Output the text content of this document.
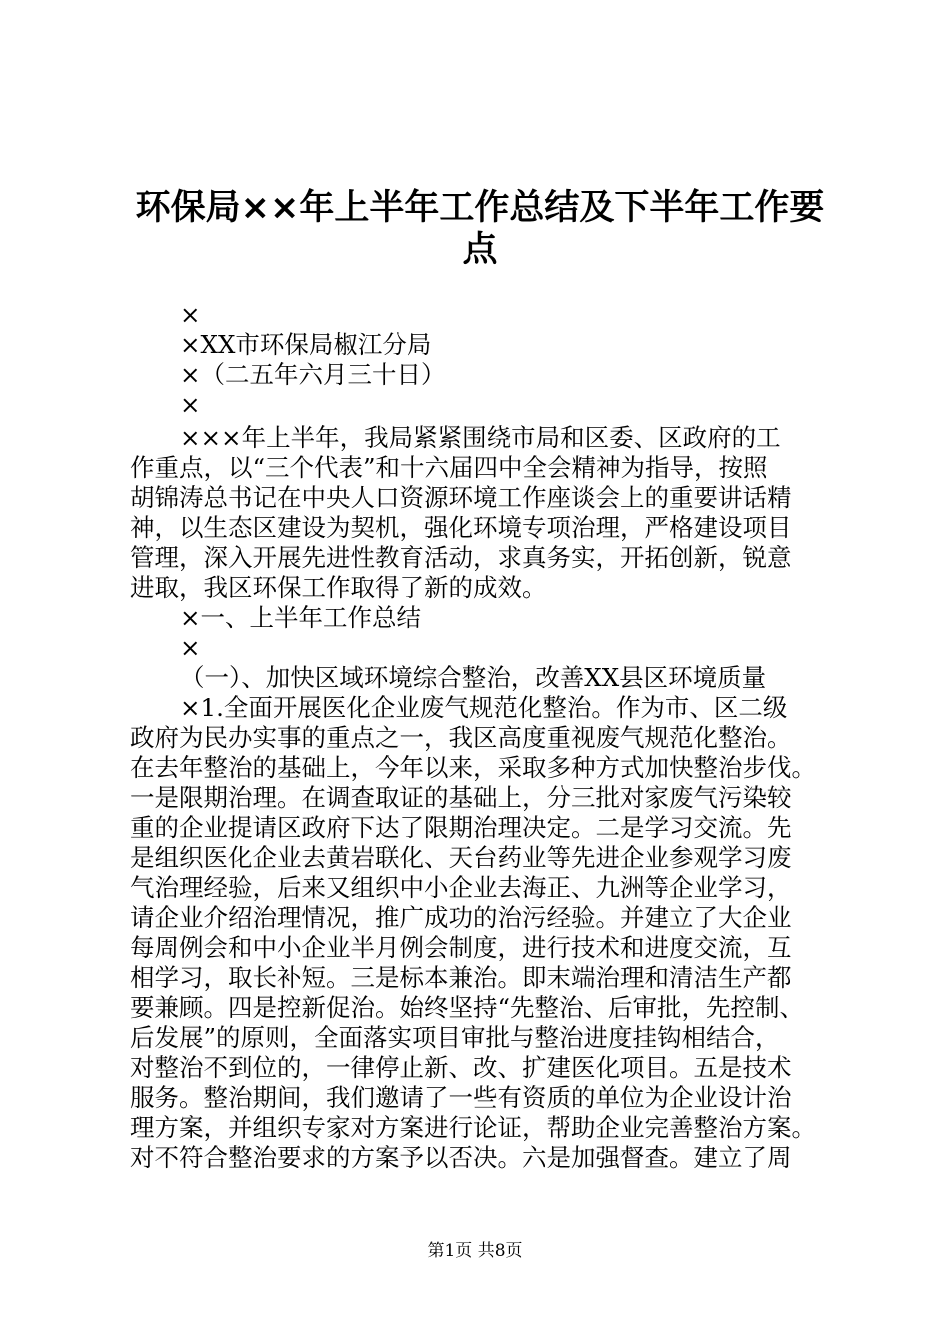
环保局××年上半年工作总结及下半年工作要
点

×

×XX市环保局椒江分局

×（二五年六月三十日）

×

×××年上半年，我局紧紧围绕市局和区委、区政府的工

作重点，以“三个代表”和十六届四中全会精神为指导，按照

胡锦涛总书记在中央人口资源环境工作座谈会上的重要讲话精

神，以生态区建设为契机，强化环境专项治理，严格建设项目

管理，深入开展先进性教育活动，求真务实，开拓创新，锐意

进取，我区环保工作取得了新的成效。

×一、上半年工作总结

×

（一）、加快区域环境综合整治，改善XX县区环境质量

×1.全面开展医化企业废气规范化整治。作为市、区二级

政府为民办实事的重点之一，我区高度重视废气规范化整治。

在去年整治的基础上，今年以来，采取多种方式加快整治步伐。

一是限期治理。在调查取证的基础上，分三批对家废气污染较

重的企业提请区政府下达了限期治理决定。二是学习交流。先

是组织医化企业去黄岩联化、天台药业等先进企业参观学习废

气治理经验，后来又组织中小企业去海正、九洲等企业学习，

请企业介绍治理情况，推广成功的治污经验。并建立了大企业

每周例会和中小企业半月例会制度，进行技术和进度交流，互

相学习，取长补短。三是标本兼治。即末端治理和清洁生产都

要兼顾。四是控新促治。始终坚持“先整治、后审批，先控制、

后发展”的原则，全面落实项目审批与整治进度挂钩相结合，

对整治不到位的，一律停止新、改、扩建医化项目。五是技术

服务。整治期间，我们邀请了一些有资质的单位为企业设计治

理方案，并组织专家对方案进行论证，帮助企业完善整治方案。

对不符合整治要求的方案予以否决。六是加强督查。建立了周

第1页 共8页
